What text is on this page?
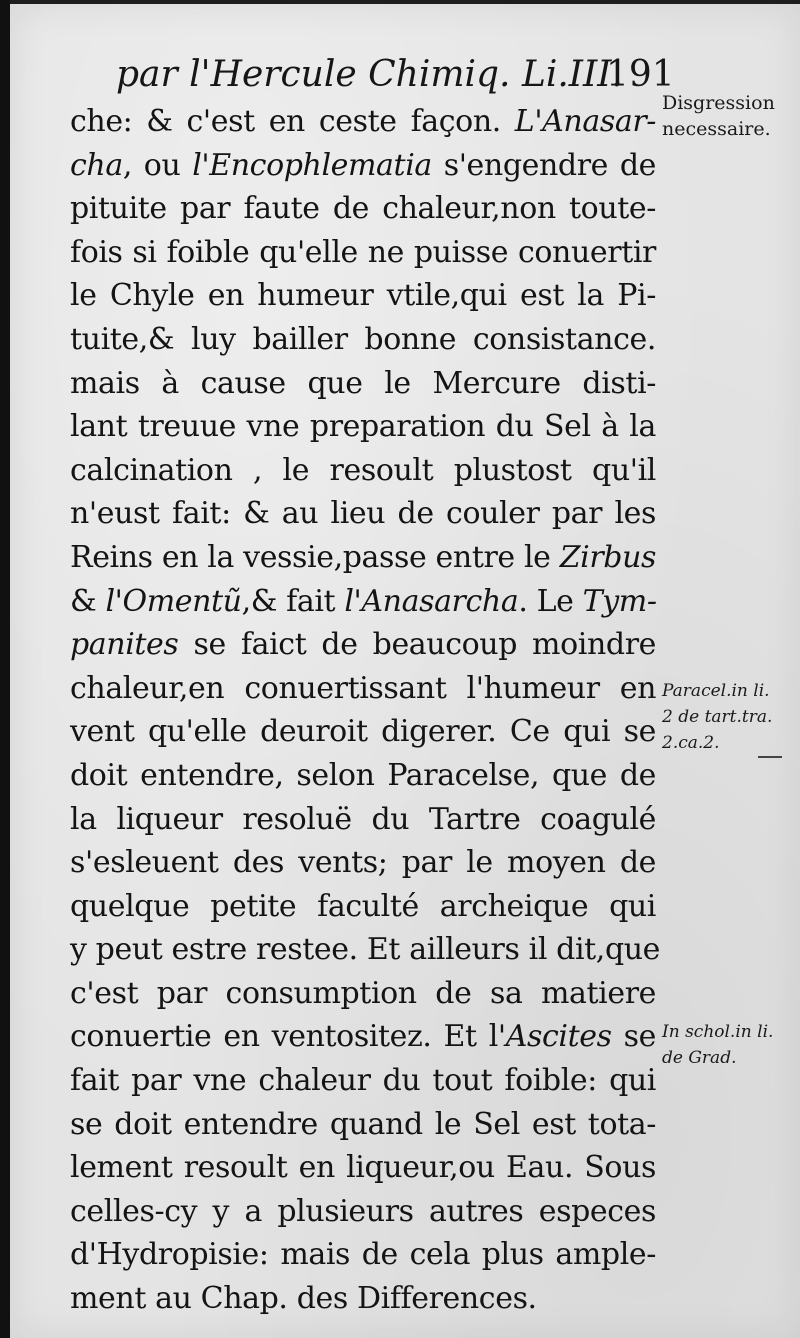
par l'Hercule Chimiq. Li.III.
191
che: & c'est en ceste façon. L'Anasar-
cha, ou l'Encophlematia s'engendre de
pituite par faute de chaleur,non toute-
fois si foible qu'elle ne puisse conuertir
le Chyle en humeur vtile,qui est la Pi-
tuite,& luy bailler bonne consistance.
mais à cause que le Mercure disti-
lant treuue vne preparation du Sel à la
calcination , le resoult plustost qu'il
n'eust fait: & au lieu de couler par les
Reins en la vessie,passe entre le Zirbus
& l'Omentũ,& fait l'Anasarcha. Le Tym-
panites se faict de beaucoup moindre
chaleur,en conuertissant l'humeur en
vent qu'elle deuroit digerer. Ce qui se
doit entendre, selon Paracelse, que de
la liqueur resoluë du Tartre coagulé
s'esleuent des vents; par le moyen de
quelque petite faculté archeique qui
y peut estre restee. Et ailleurs il dit,que
c'est par consumption de sa matiere
conuertie en ventositez. Et l'Ascites se
fait par vne chaleur du tout foible: qui
se doit entendre quand le Sel est tota-
lement resoult en liqueur,ou Eau. Sous
celles-cy y a plusieurs autres especes
d'Hydropisie: mais de cela plus ample-
ment au Chap. des Differences.
Disgression
necessaire.
Paracel.in li.
2 de tart.tra.
2.ca.2.
In schol.in li.
de Grad.
